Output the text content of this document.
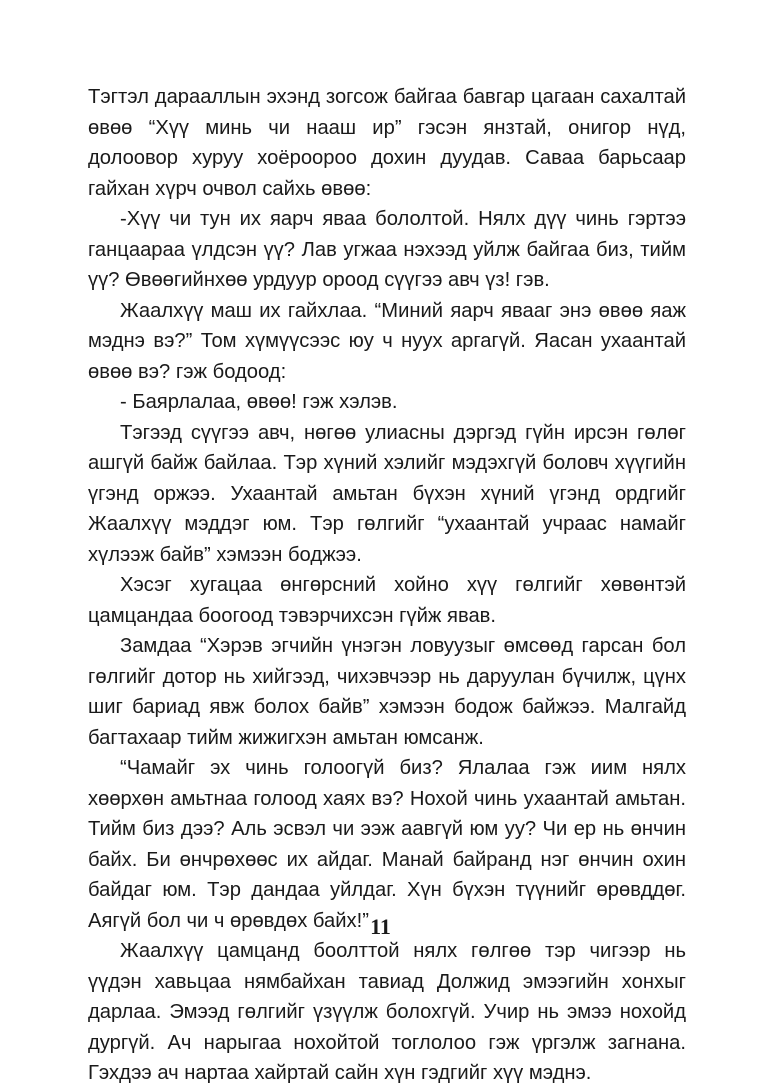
Тэгтэл дарааллын эхэнд зогсож байгаа бавгар цагаан сахалтай өвөө “Хүү минь чи нааш ир” гэсэн янзтай, онигор нүд, долоовор хуруу хоёроороо дохин дуудав. Саваа барьсаар гайхан хүрч очвол сайхь өвөө:

-Хүү чи тун их яарч яваа бололтой. Нялх дүү чинь гэртээ ганцаараа үлдсэн үү? Лав угжаа нэхээд уйлж байгаа биз, тийм үү? Өвөөгийнхөө урдуур ороод сүүгээ авч үз! гэв.

Жаалхүү маш их гайхлаа. “Миний яарч явааг энэ өвөө яаж мэднэ вэ?” Том хүмүүсээс юу ч нуух аргагүй. Яасан ухаантай өвөө вэ? гэж бодоод:

- Баярлалаа, өвөө! гэж хэлэв.

Тэгээд сүүгээ авч, нөгөө улиасны дэргэд гүйн ирсэн гөлөг ашгүй байж байлаа. Тэр хүний хэлийг мэдэхгүй боловч хүүгийн үгэнд оржээ. Ухаантай амьтан бүхэн хүний үгэнд ордгийг Жаалхүү мэддэг юм. Тэр гөлгийг “ухаантай учраас намайг хүлээж байв” хэмээн боджээ.

Хэсэг хугацаа өнгөрсний хойно хүү гөлгийг хөвөнтэй цамцандаа боогоод тэвэрчихсэн гүйж явав.

Замдаа “Хэрэв эгчийн үнэгэн ловуузыг өмсөөд гарсан бол гөлгийг дотор нь хийгээд, чихэвчээр нь даруулан бүчилж, цүнх шиг бариад явж болох байв” хэмээн бодож байжээ. Малгайд багтахаар тийм жижигхэн амьтан юмсанж.

“Чамайг эх чинь голоогүй биз? Ялалаа гэж иим нялх хөөрхөн амьтнаа голоод хаях вэ? Нохой чинь ухаантай амьтан. Тийм биз дээ? Аль эсвэл чи ээж аавгүй юм уу? Чи ер нь өнчин байх. Би өнчрөхөөс их айдаг. Манай байранд нэг өнчин охин байдаг юм. Тэр дандаа уйлдаг. Хүн бүхэн түүнийг өрөвддөг. Аягүй бол чи ч өрөвдөх байх!”

Жаалхүү цамцанд боолттой нялх гөлгөө тэр чигээр нь үүдэн хавьцаа нямбайхан тавиад Должид эмээгийн хонхыг дарлаа. Эмээд гөлгийг үзүүлж болохгүй. Учир нь эмээ нохойд дургүй. Ач нарыгаа нохойтой тоглолоо гэж үргэлж загнана. Гэхдээ ач нартаа хайртай сайн хүн гэдгийг хүү мэднэ.

11
